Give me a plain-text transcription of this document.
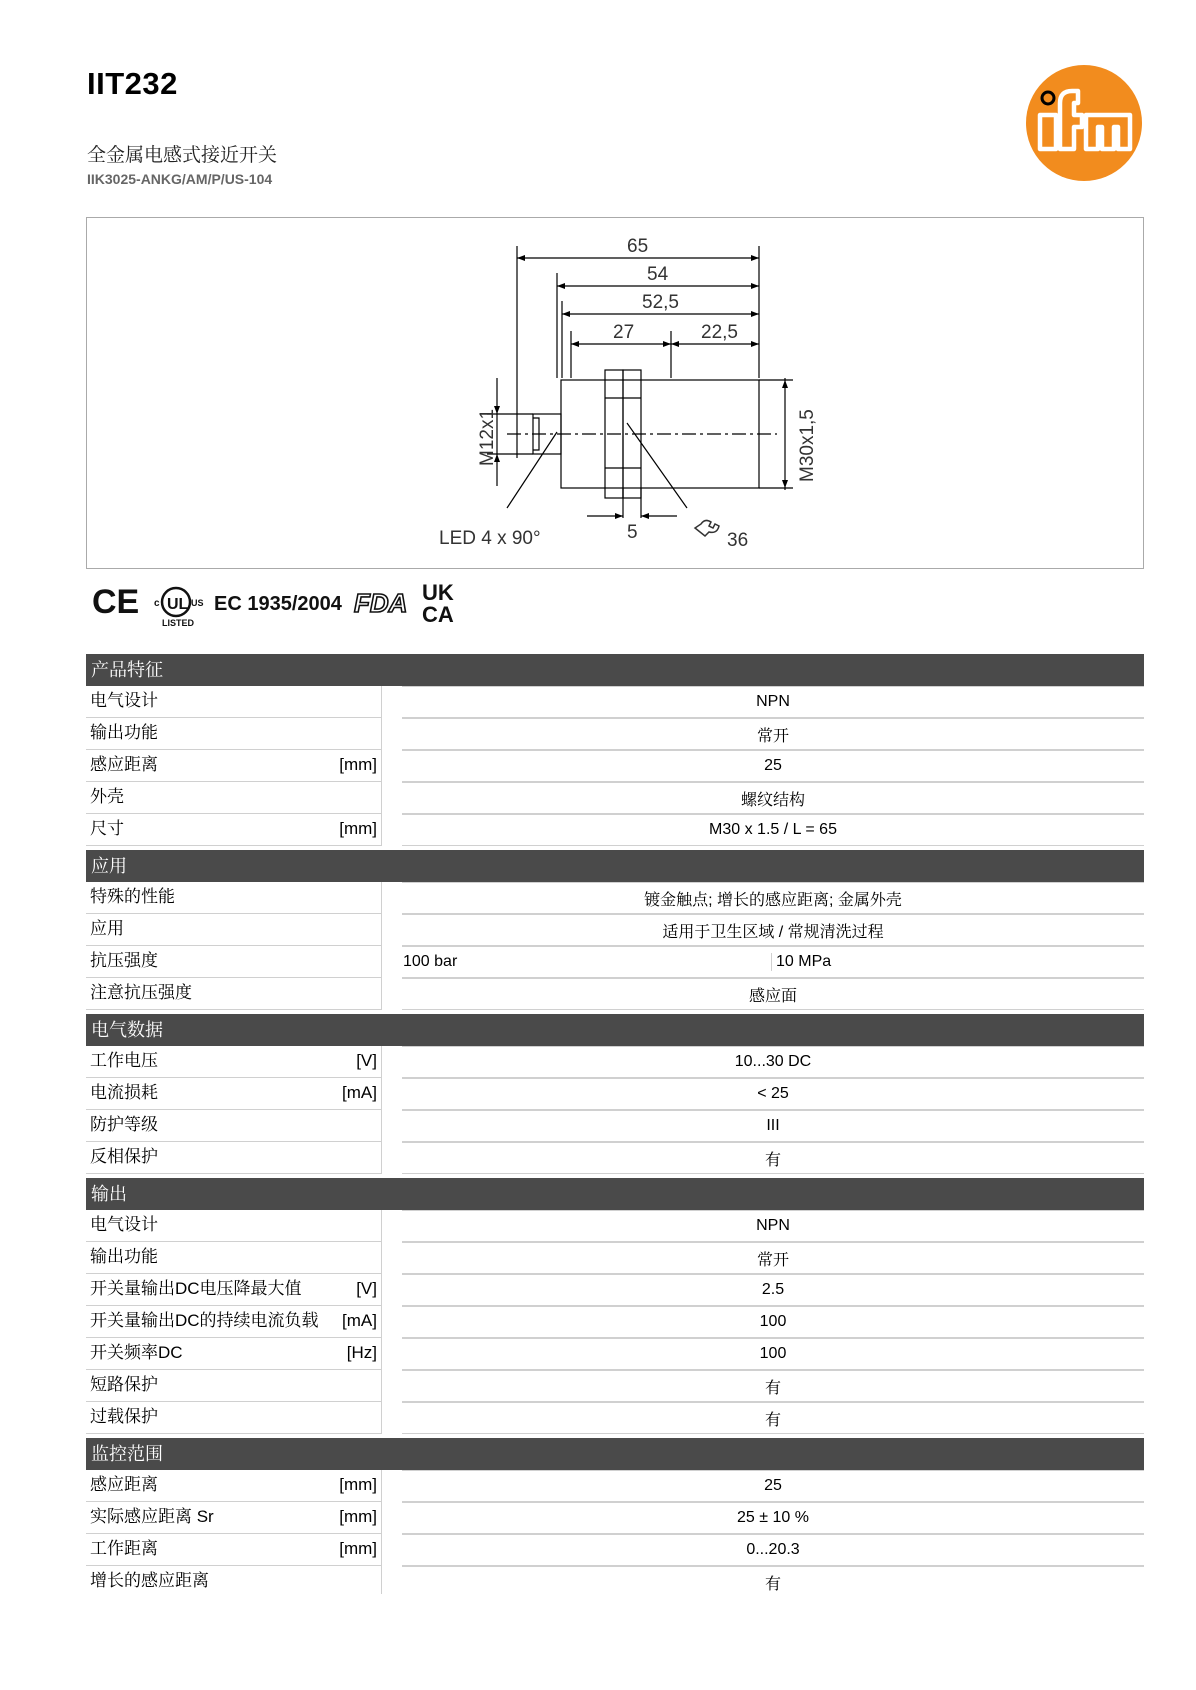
IIT232
全金属电感式接近开关
IIK3025-ANKG/AM/P/US-104
65
54
52,5
27	22,5
M12x1	M30x1,5
LED 4 x 90°	5	36
CE UL
c	US
LISTED
c UL us LISTED
EC 1935/2004 FDA UK
CA
产品特征
电气设计	NPN
输出功能	常开
感应距离	[mm]	25
外壳	螺纹结构
尺寸	[mm]	M30 x 1.5 / L = 65
应用
特殊的性能	镀金触点; 增长的感应距离; 金属外壳
应用	适用于卫生区域 / 常规清洗过程
抗压强度	100 bar	10 MPa
注意抗压强度	感应面
电气数据
工作电压	[V]	10...30 DC
电流损耗	[mA]	< 25
防护等级	III
反相保护	有
输出
电气设计	NPN
输出功能	常开
开关量输出DC电压降最大值	[V]	2.5
开关量输出DC的持续电流负载 [mA]	100
开关频率DC	[Hz]	100
短路保护	有
过载保护	有
监控范围
感应距离	[mm]	25
实际感应距离 Sr	[mm]	25 ± 10 %
工作距离	[mm]	0...20.3
增长的感应距离	有
